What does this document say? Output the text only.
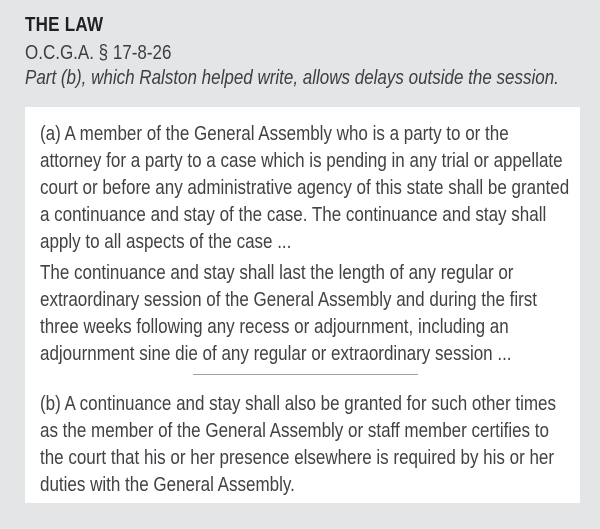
THE LAW
O.C.G.A. § 17-8-26
Part (b), which Ralston helped write, allows delays outside the session.
(a) A member of the General Assembly who is a party to or the
attorney for a party to a case which is pending in any trial or appellate
court or before any administrative agency of this state shall be granted
a continuance and stay of the case. The continuance and stay shall
apply to all aspects of the case ...
The continuance and stay shall last the length of any regular or
extraordinary session of the General Assembly and during the first
three weeks following any recess or adjournment, including an
adjournment sine die of any regular or extraordinary session ...
(b) A continuance and stay shall also be granted for such other times
as the member of the General Assembly or staff member certifies to
the court that his or her presence elsewhere is required by his or her
duties with the General Assembly.
